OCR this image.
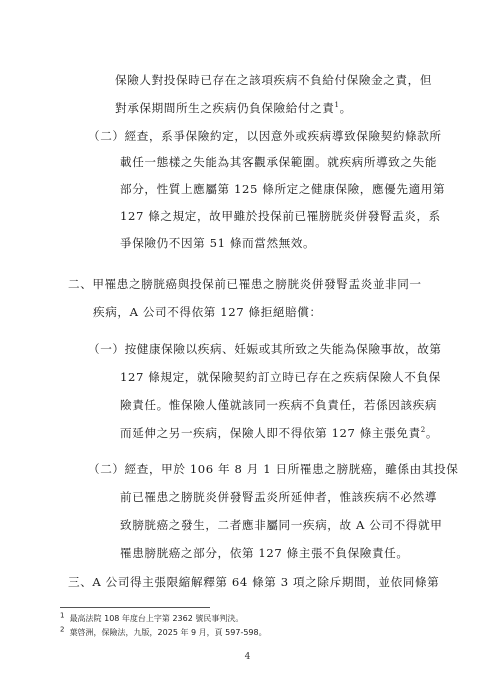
保險人對投保時已存在之該項疾病不負給付保險金之責，但
對承保期間所生之疾病仍負保險給付之責$^1$。
（二）經查，系爭保險約定，以因意外或疾病導致保險契約條款所
載任一態樣之失能為其客觀承保範圍。就疾病所導致之失能
部分，性質上應屬第 125 條所定之健康保險，應優先適用第
127 條之規定，故甲雖於投保前已罹膀胱炎併發腎盂炎，系
爭保險仍不因第 51 條而當然無效。
二、甲罹患之膀胱癌與投保前已罹患之膀胱炎併發腎盂炎並非同一
疾病，A 公司不得依第 127 條拒絕賠償：
（一）按健康保險以疾病、妊娠或其所致之失能為保險事故，故第
127 條規定，就保險契約訂立時已存在之疾病保險人不負保
險責任。惟保險人僅就該同一疾病不負責任，若係因該疾病
而延伸之另一疾病，保險人即不得依第 127 條主張免責$^2$。
（二）經查，甲於 106 年 8 月 1 日所罹患之膀胱癌，雖係由其投保
前已罹患之膀胱炎併發腎盂炎所延伸者，惟該疾病不必然導
致膀胱癌之發生，二者應非屬同一疾病，故 A 公司不得就甲
罹患膀胱癌之部分，依第 127 條主張不負保險責任。
三、A 公司得主張限縮解釋第 64 條第 3 項之除斥期間，並依同條第
$^1$ 最高法院 108 年度台上字第 2362 號民事判決。
$^2$ 葉啓洲，保險法，九版，2025 年 9 月，頁 597-598。
4
